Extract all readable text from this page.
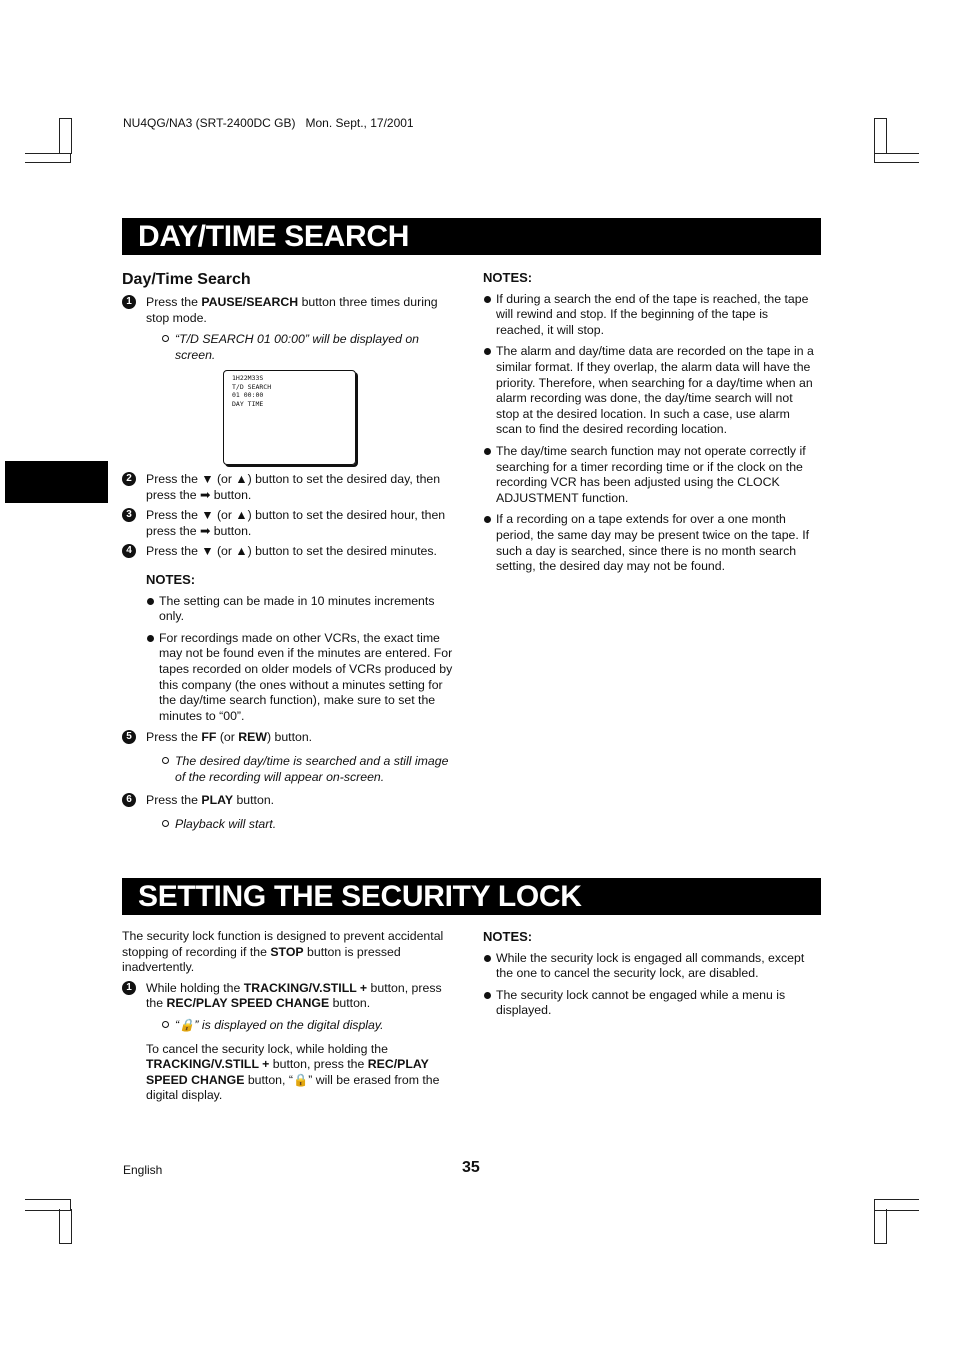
NU4QG/NA3 (SRT-2400DC GB) Mon. Sept., 17/2001
DAY/TIME SEARCH
Day/Time Search
1	Press the PAUSE/SEARCH button three times during stop mode.
“T/D SEARCH 01 00:00” will be displayed on screen.
1H22M33S
T/D SEARCH
01 00:00
DAY TIME
2	Press the ▼ (or ▲) button to set the desired day, then press the ➡ button.
3	Press the ▼ (or ▲) button to set the desired hour, then press the ➡ button.
4	Press the ▼ (or ▲) button to set the desired minutes.
NOTES:
The setting can be made in 10 minutes increments only.
For recordings made on other VCRs, the exact time may not be found even if the minutes are entered. For tapes recorded on older models of VCRs produced by this company (the ones without a minutes setting for the day/time search function), make sure to set the minutes to “00”.
5	Press the FF (or REW) button.
The desired day/time is searched and a still image of the recording will appear on-screen.
6	Press the PLAY button.
Playback will start.
NOTES:
If during a search the end of the tape is reached, the tape will rewind and stop. If the beginning of the tape is reached, it will stop.
The alarm and day/time data are recorded on the tape in a similar format. If they overlap, the alarm data will have the priority. Therefore, when searching for a day/time when an alarm recording was done, the day/time search will not stop at the desired location. In such a case, use alarm scan to find the desired recording location.
The day/time search function may not operate correctly if searching for a timer recording time or if the clock on the recording VCR has been adjusted using the CLOCK ADJUSTMENT function.
If a recording on a tape extends for over a one month period, the same day may be present twice on the tape. If such a day is searched, since there is no month search setting, the desired day may not be found.
SETTING THE SECURITY LOCK
The security lock function is designed to prevent accidental stopping of recording if the STOP button is pressed inadvertently.
1	While holding the TRACKING/V.STILL + button, press the REC/PLAY SPEED CHANGE button.
“🔒” is displayed on the digital display.
To cancel the security lock, while holding the TRACKING/V.STILL + button, press the REC/PLAY SPEED CHANGE button, “🔒” will be erased from the digital display.
NOTES:
While the security lock is engaged all commands, except the one to cancel the security lock, are disabled.
The security lock cannot be engaged while a menu is displayed.
English	35
